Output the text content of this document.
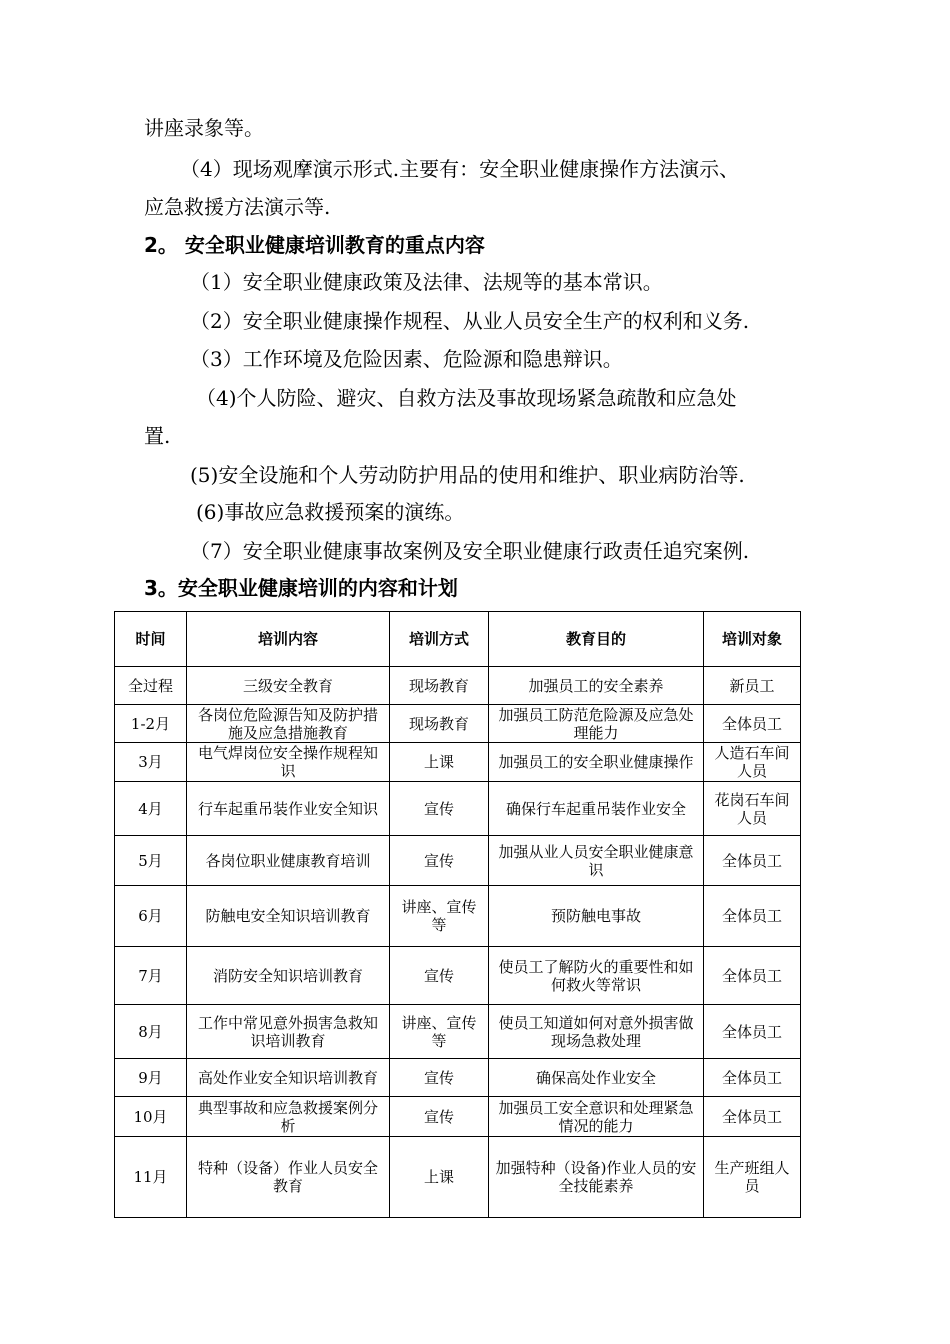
讲座录象等。
（4）现场观摩演示形式.主要有：安全职业健康操作方法演示、
应急救援方法演示等.
2。 安全职业健康培训教育的重点内容
（1）安全职业健康政策及法律、法规等的基本常识。
（2）安全职业健康操作规程、从业人员安全生产的权利和义务.
（3）工作环境及危险因素、危险源和隐患辩识。
（4)个人防险、避灾、自救方法及事故现场紧急疏散和应急处
置.
(5)安全设施和个人劳动防护用品的使用和维护、职业病防治等.
(6)事故应急救援预案的演练。
（7）安全职业健康事故案例及安全职业健康行政责任追究案例.
3。安全职业健康培训的内容和计划
时间	培训内容	培训方式	教育目的	培训对象
全过程	三级安全教育	现场教育	加强员工的安全素养	新员工
1-2月	各岗位危险源告知及防护措施及应急措施教育	现场教育	加强员工防范危险源及应急处理能力	全体员工
3月	电气焊岗位安全操作规程知识	上课	加强员工的安全职业健康操作	人造石车间人员
4月	行车起重吊装作业安全知识	宣传	确保行车起重吊装作业安全	花岗石车间人员
5月	各岗位职业健康教育培训	宣传	加强从业人员安全职业健康意识	全体员工
6月	防触电安全知识培训教育	讲座、宣传等	预防触电事故	全体员工
7月	消防安全知识培训教育	宣传	使员工了解防火的重要性和如何救火等常识	全体员工
8月	工作中常见意外损害急救知识培训教育	讲座、宣传等	使员工知道如何对意外损害做现场急救处理	全体员工
9月	高处作业安全知识培训教育	宣传	确保高处作业安全	全体员工
10月	典型事故和应急救援案例分析	宣传	加强员工安全意识和处理紧急情况的能力	全体员工
11月	特种（设备）作业人员安全教育	上课	加强特种（设备)作业人员的安全技能素养	生产班组人员
